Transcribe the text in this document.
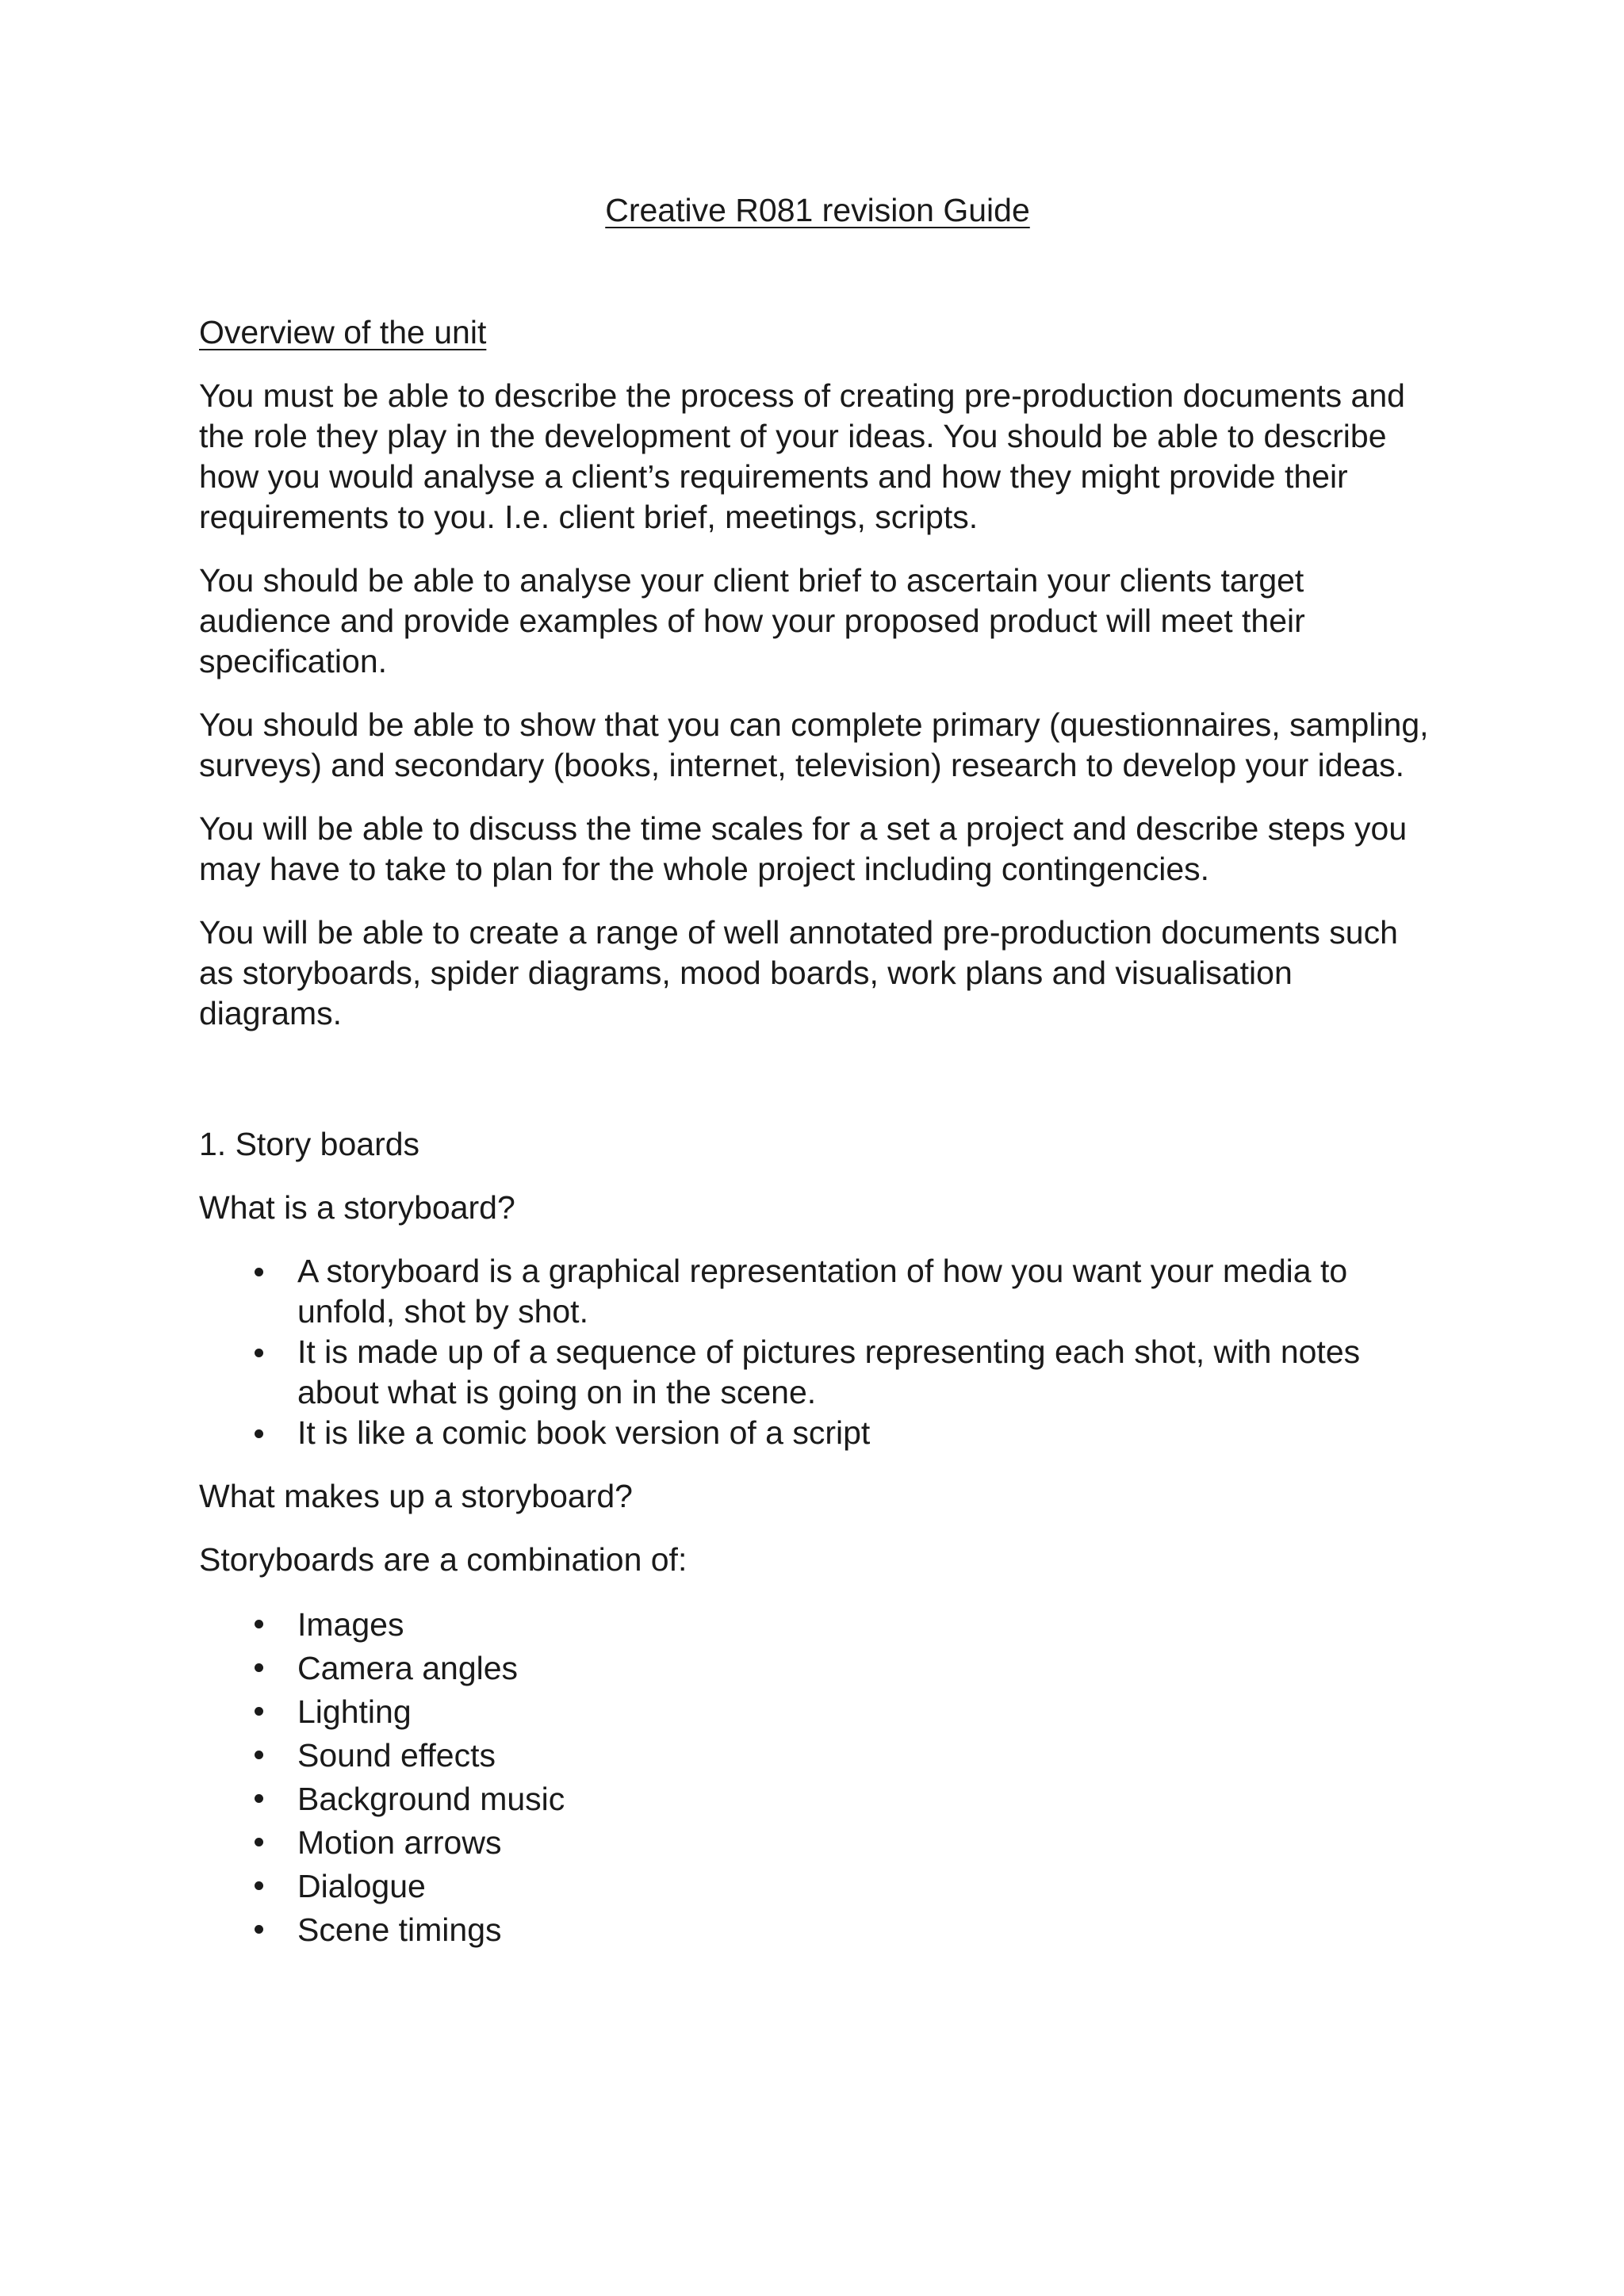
Creative R081 revision Guide
Overview of the unit

You must be able to describe the process of creating pre-production documents and the role they play in the development of your ideas. You should be able to describe how you would analyse a client’s requirements and how they might provide their requirements to you. I.e. client brief, meetings, scripts.

You should be able to analyse your client brief to ascertain your clients target audience and provide examples of how your proposed product will meet their specification.

You should be able to show that you can complete primary (questionnaires, sampling, surveys) and secondary (books, internet, television) research to develop your ideas.

You will be able to discuss the time scales for a set a project and describe steps you may have to take to plan for the whole project including contingencies.

You will be able to create a range of well annotated pre-production documents such as storyboards, spider diagrams, mood boards, work plans and visualisation diagrams.

1. Story boards

What is a storyboard?

A storyboard is a graphical representation of how you want your media to unfold, shot by shot.
It is made up of a sequence of pictures representing each shot, with notes about what is going on in the scene.
It is like a comic book version of a script

What makes up a storyboard?

Storyboards are a combination of:

Images
Camera angles
Lighting
Sound effects
Background music
Motion arrows
Dialogue
Scene timings
